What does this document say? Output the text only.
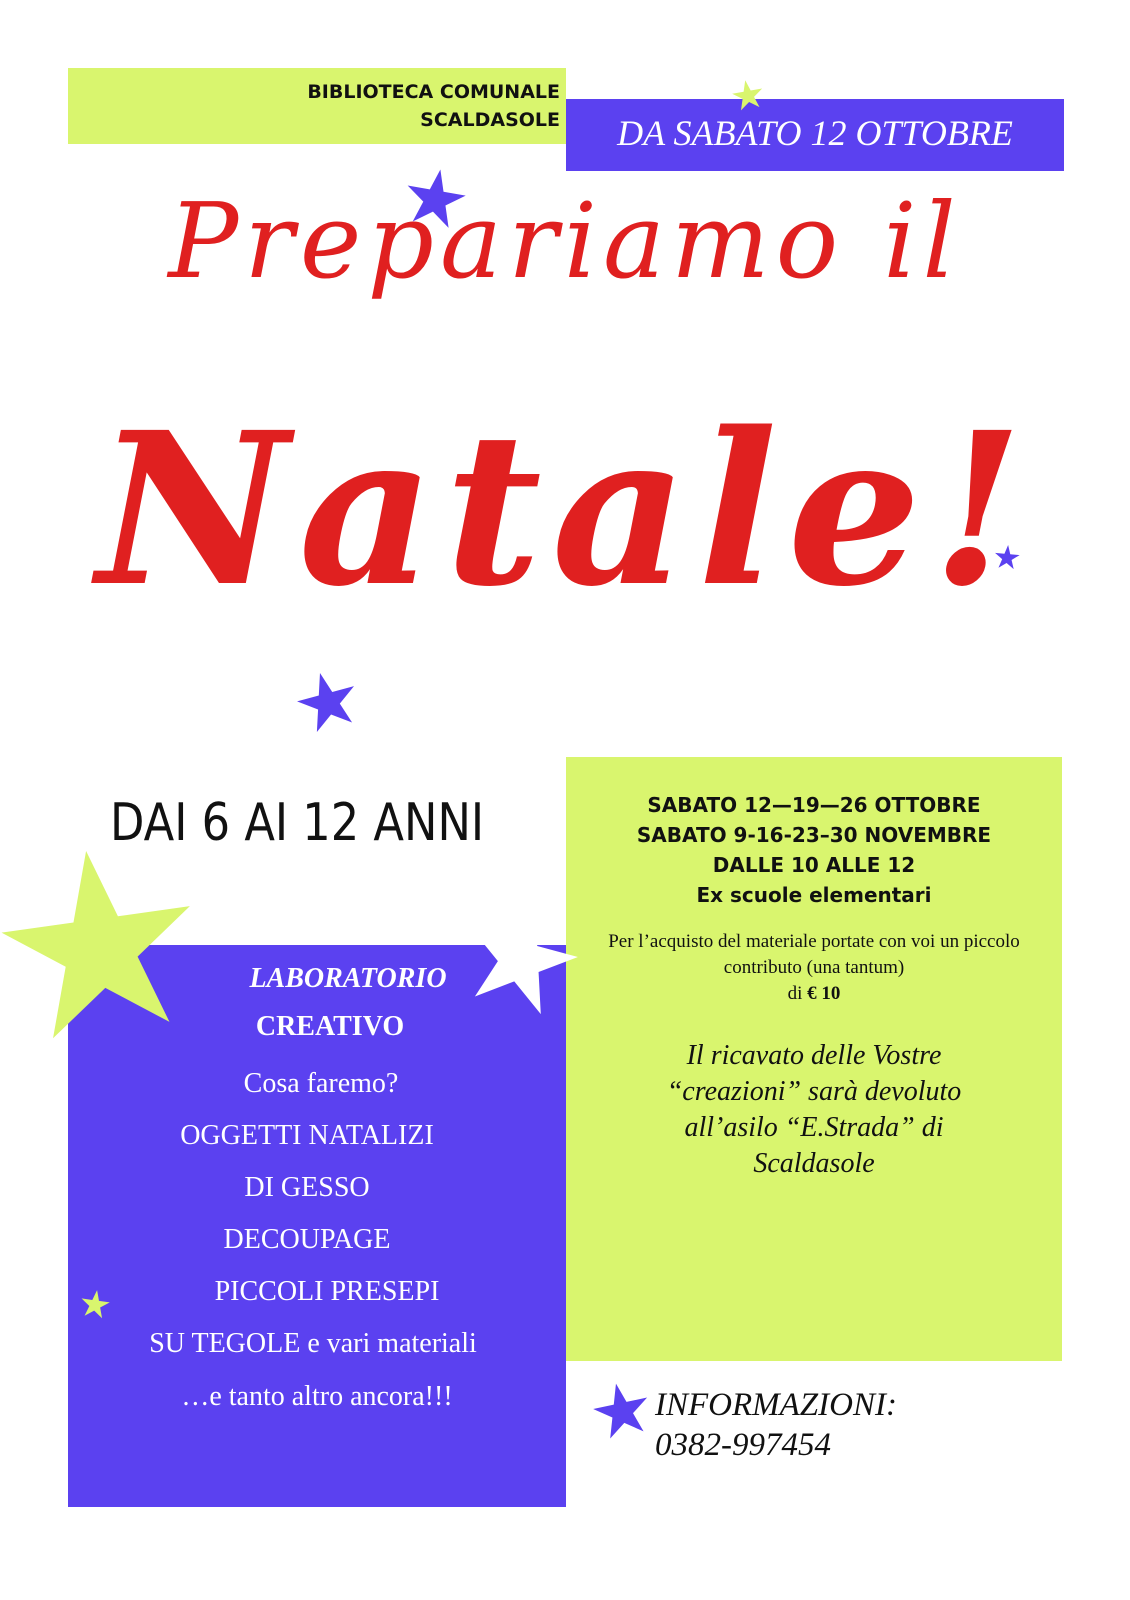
BIBLIOTECA COMUNALE
SCALDASOLE	DA SABATO 12 OTTOBRE
Prepariamo il
Natale!
DAI 6 AI 12 ANNI	SABATO 12—19—26 OTTOBRE
SABATO 9-16-23–30 NOVEMBRE
DALLE 10 ALLE 12
Ex scuole elementari
Per l’acquisto del materiale portate con voi un piccolo
contributo (una tantum)
di € 10
Il ricavato delle Vostre
“creazioni” sarà devoluto
all’asilo “E.Strada” di
Scaldasole
LABORATORIO
CREATIVO
Cosa faremo?
OGGETTI NATALIZI
DI GESSO
DECOUPAGE
PICCOLI PRESEPI
SU TEGOLE e vari materiali
…e tanto altro ancora!!!	INFORMAZIONI:
0382-997454
